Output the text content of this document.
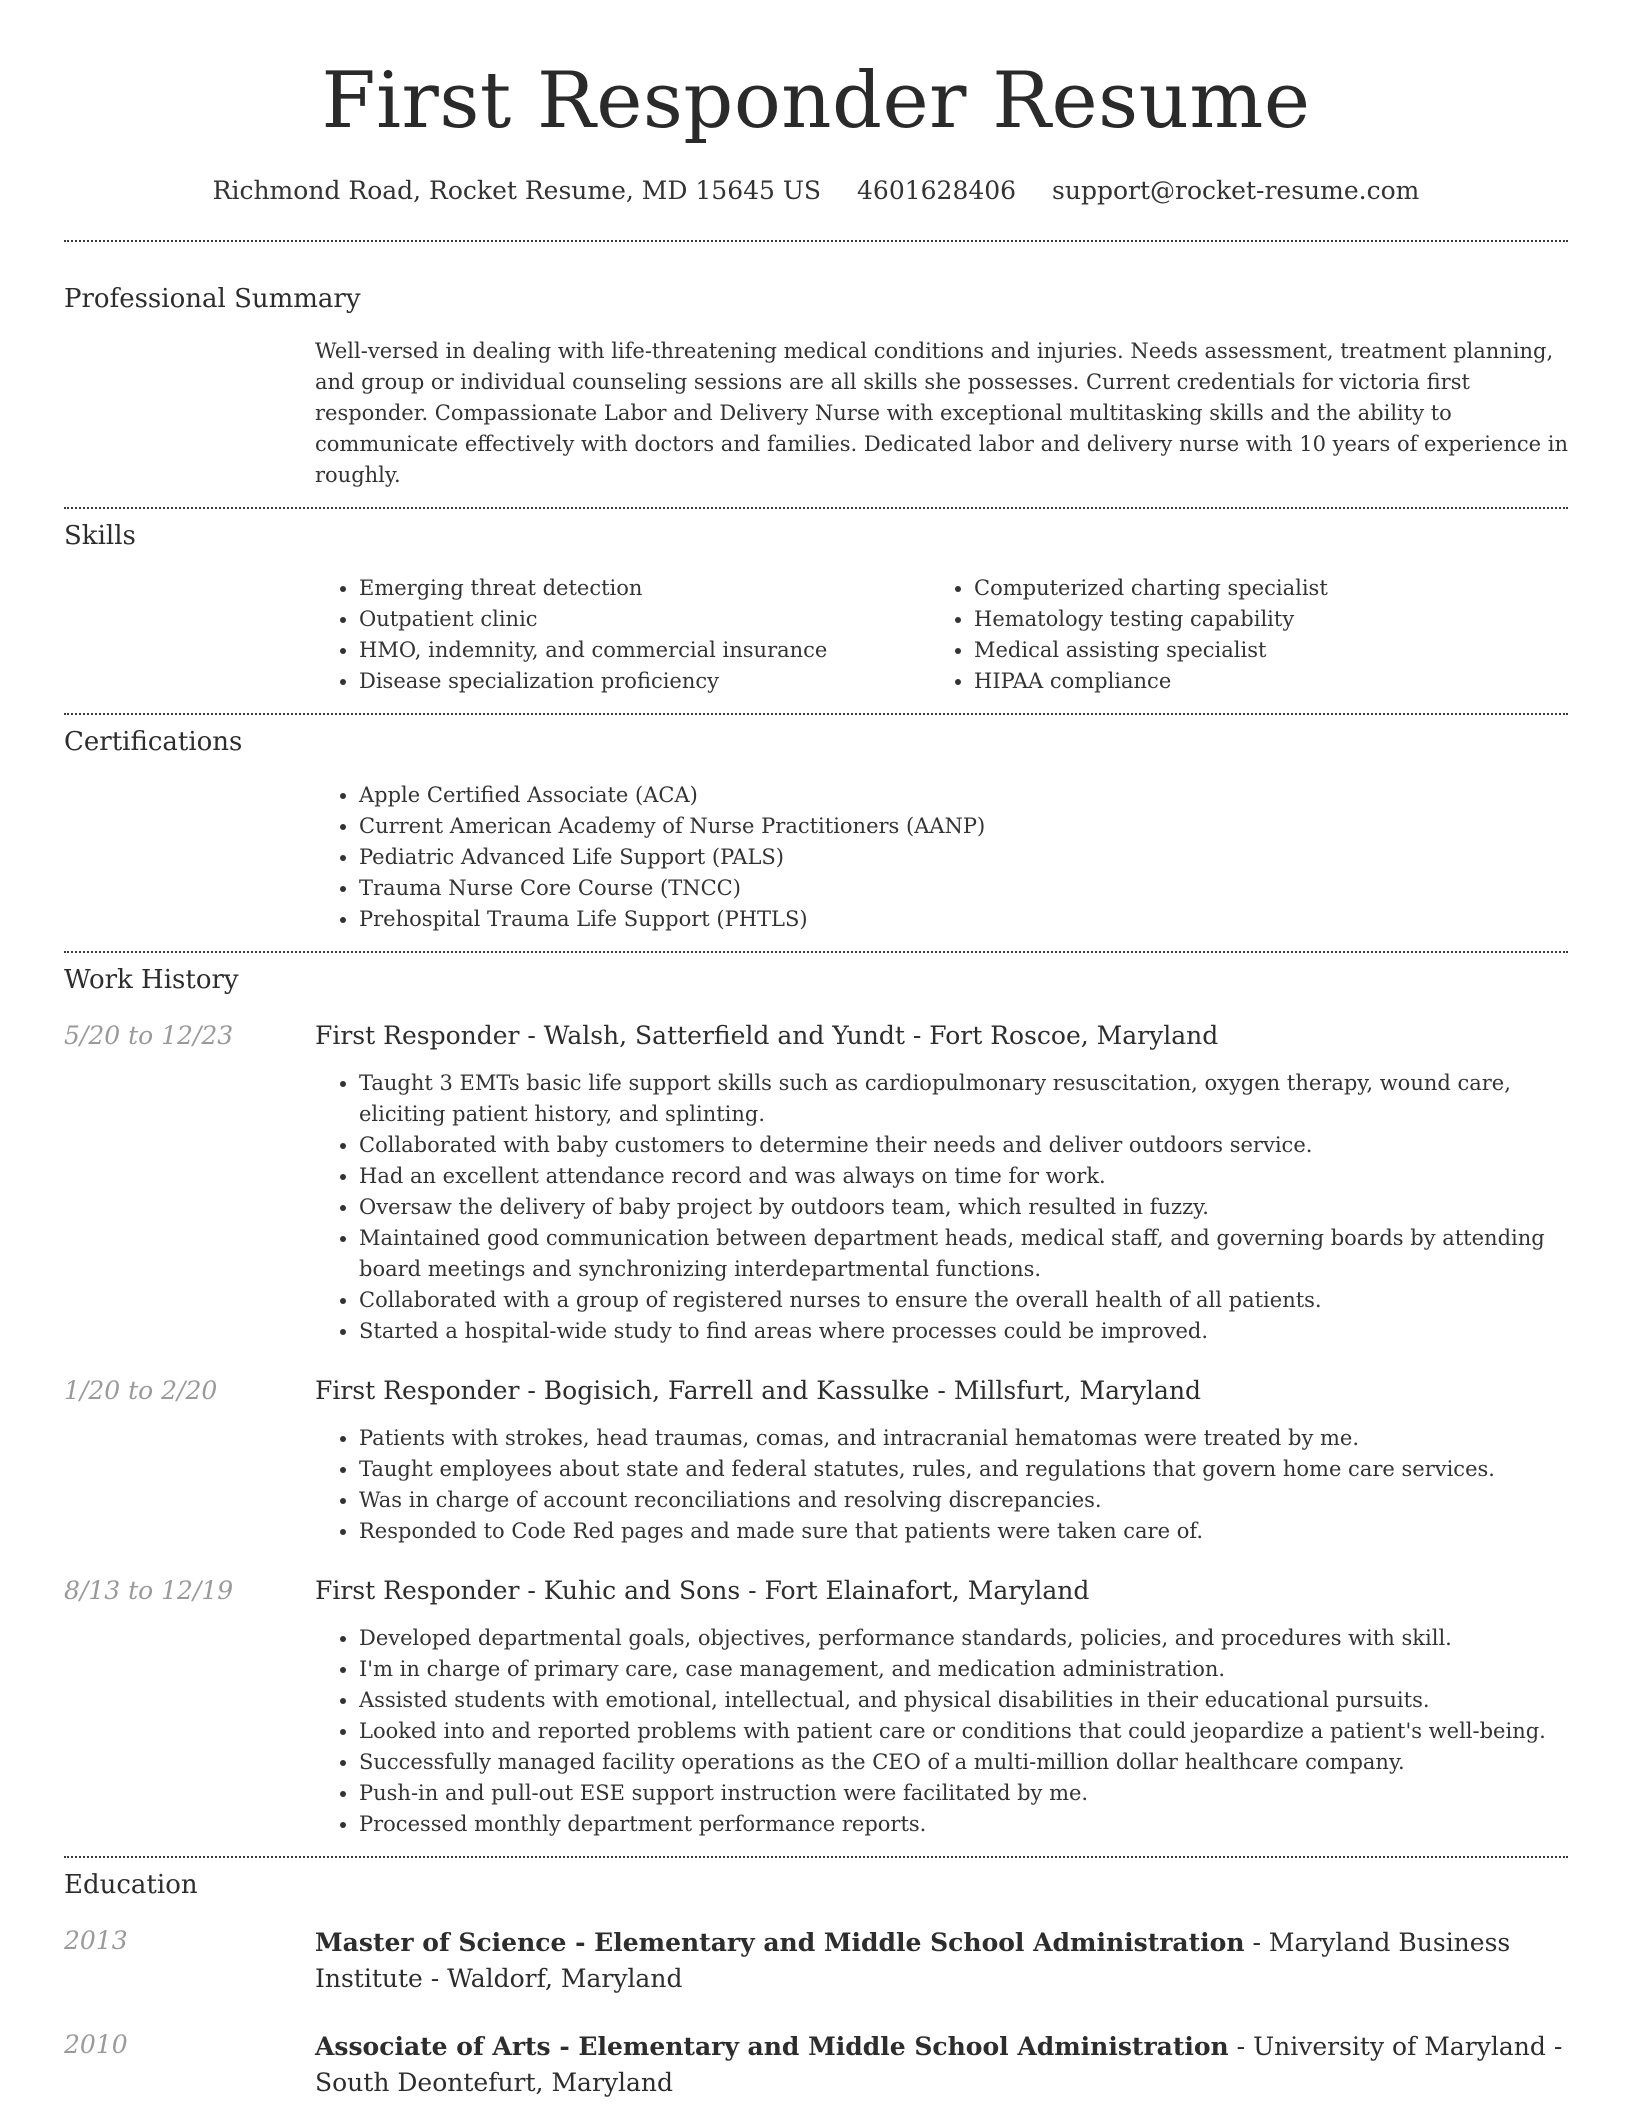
First Responder Resume
Richmond Road, Rocket Resume, MD 15645 US 4601628406 support@rocket-resume.com
Professional Summary
Well-versed in dealing with life-threatening medical conditions and injuries. Needs assessment, treatment planning, and group or individual counseling sessions are all skills she possesses. Current credentials for victoria first responder. Compassionate Labor and Delivery Nurse with exceptional multitasking skills and the ability to communicate effectively with doctors and families. Dedicated labor and delivery nurse with 10 years of experience in roughly.
Skills
• Emerging threat detection
• Outpatient clinic
• HMO, indemnity, and commercial insurance
• Disease specialization proficiency
• Computerized charting specialist
• Hematology testing capability
• Medical assisting specialist
• HIPAA compliance
Certifications
• Apple Certified Associate (ACA)
• Current American Academy of Nurse Practitioners (AANP)
• Pediatric Advanced Life Support (PALS)
• Trauma Nurse Core Course (TNCC)
• Prehospital Trauma Life Support (PHTLS)
Work History
5/20 to 12/23	First Responder - Walsh, Satterfield and Yundt - Fort Roscoe, Maryland
• Taught 3 EMTs basic life support skills such as cardiopulmonary resuscitation, oxygen therapy, wound care, eliciting patient history, and splinting.
• Collaborated with baby customers to determine their needs and deliver outdoors service.
• Had an excellent attendance record and was always on time for work.
• Oversaw the delivery of baby project by outdoors team, which resulted in fuzzy.
• Maintained good communication between department heads, medical staff, and governing boards by attending board meetings and synchronizing interdepartmental functions.
• Collaborated with a group of registered nurses to ensure the overall health of all patients.
• Started a hospital-wide study to find areas where processes could be improved.
1/20 to 2/20	First Responder - Bogisich, Farrell and Kassulke - Millsfurt, Maryland
• Patients with strokes, head traumas, comas, and intracranial hematomas were treated by me.
• Taught employees about state and federal statutes, rules, and regulations that govern home care services.
• Was in charge of account reconciliations and resolving discrepancies.
• Responded to Code Red pages and made sure that patients were taken care of.
8/13 to 12/19	First Responder - Kuhic and Sons - Fort Elainafort, Maryland
• Developed departmental goals, objectives, performance standards, policies, and procedures with skill.
• I'm in charge of primary care, case management, and medication administration.
• Assisted students with emotional, intellectual, and physical disabilities in their educational pursuits.
• Looked into and reported problems with patient care or conditions that could jeopardize a patient's well-being.
• Successfully managed facility operations as the CEO of a multi-million dollar healthcare company.
• Push-in and pull-out ESE support instruction were facilitated by me.
• Processed monthly department performance reports.
Education
2013	Master of Science - Elementary and Middle School Administration - Maryland Business Institute - Waldorf, Maryland
2010	Associate of Arts - Elementary and Middle School Administration - University of Maryland - South Deontefurt, Maryland
